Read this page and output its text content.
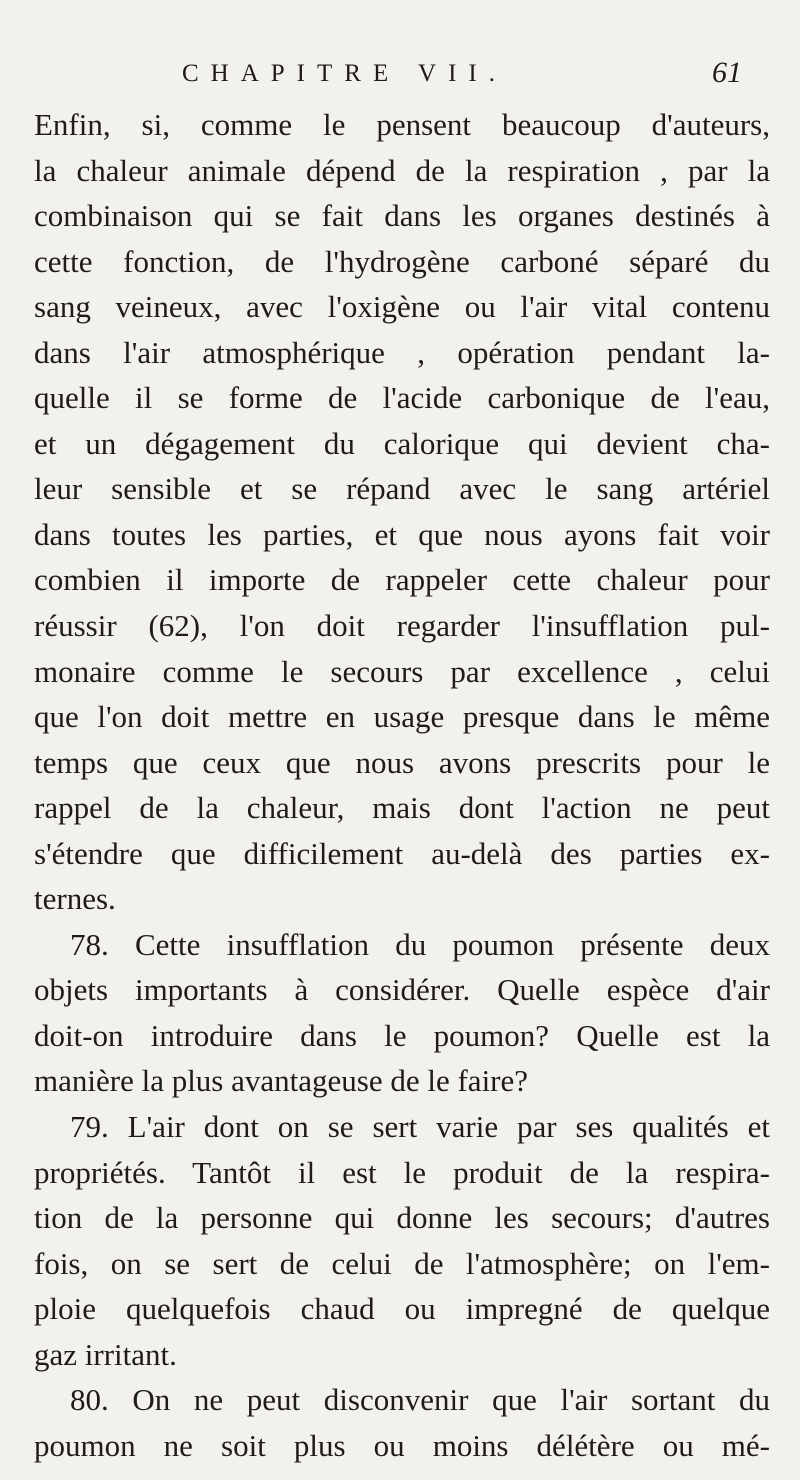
CHAPITRE VII.	61
Enfin, si, comme le pensent beaucoup d'auteurs,
la chaleur animale dépend de la respiration , par la
combinaison qui se fait dans les organes destinés à
cette fonction, de l'hydrogène carboné séparé du
sang veineux, avec l'oxigène ou l'air vital contenu
dans l'air atmosphérique , opération pendant la-
quelle il se forme de l'acide carbonique de l'eau,
et un dégagement du calorique qui devient cha-
leur sensible et se répand avec le sang artériel
dans toutes les parties, et que nous ayons fait voir
combien il importe de rappeler cette chaleur pour
réussir (62), l'on doit regarder l'insufflation pul-
monaire comme le secours par excellence , celui
que l'on doit mettre en usage presque dans le même
temps que ceux que nous avons prescrits pour le
rappel de la chaleur, mais dont l'action ne peut
s'étendre que difficilement au-delà des parties ex-
ternes.
78. Cette insufflation du poumon présente deux
objets importants à considérer. Quelle espèce d'air
doit-on introduire dans le poumon? Quelle est la
manière la plus avantageuse de le faire?
79. L'air dont on se sert varie par ses qualités et
propriétés. Tantôt il est le produit de la respira-
tion de la personne qui donne les secours; d'autres
fois, on se sert de celui de l'atmosphère; on l'em-
ploie quelquefois chaud ou impregné de quelque
gaz irritant.
80. On ne peut disconvenir que l'air sortant du
poumon ne soit plus ou moins délétère ou mé-
